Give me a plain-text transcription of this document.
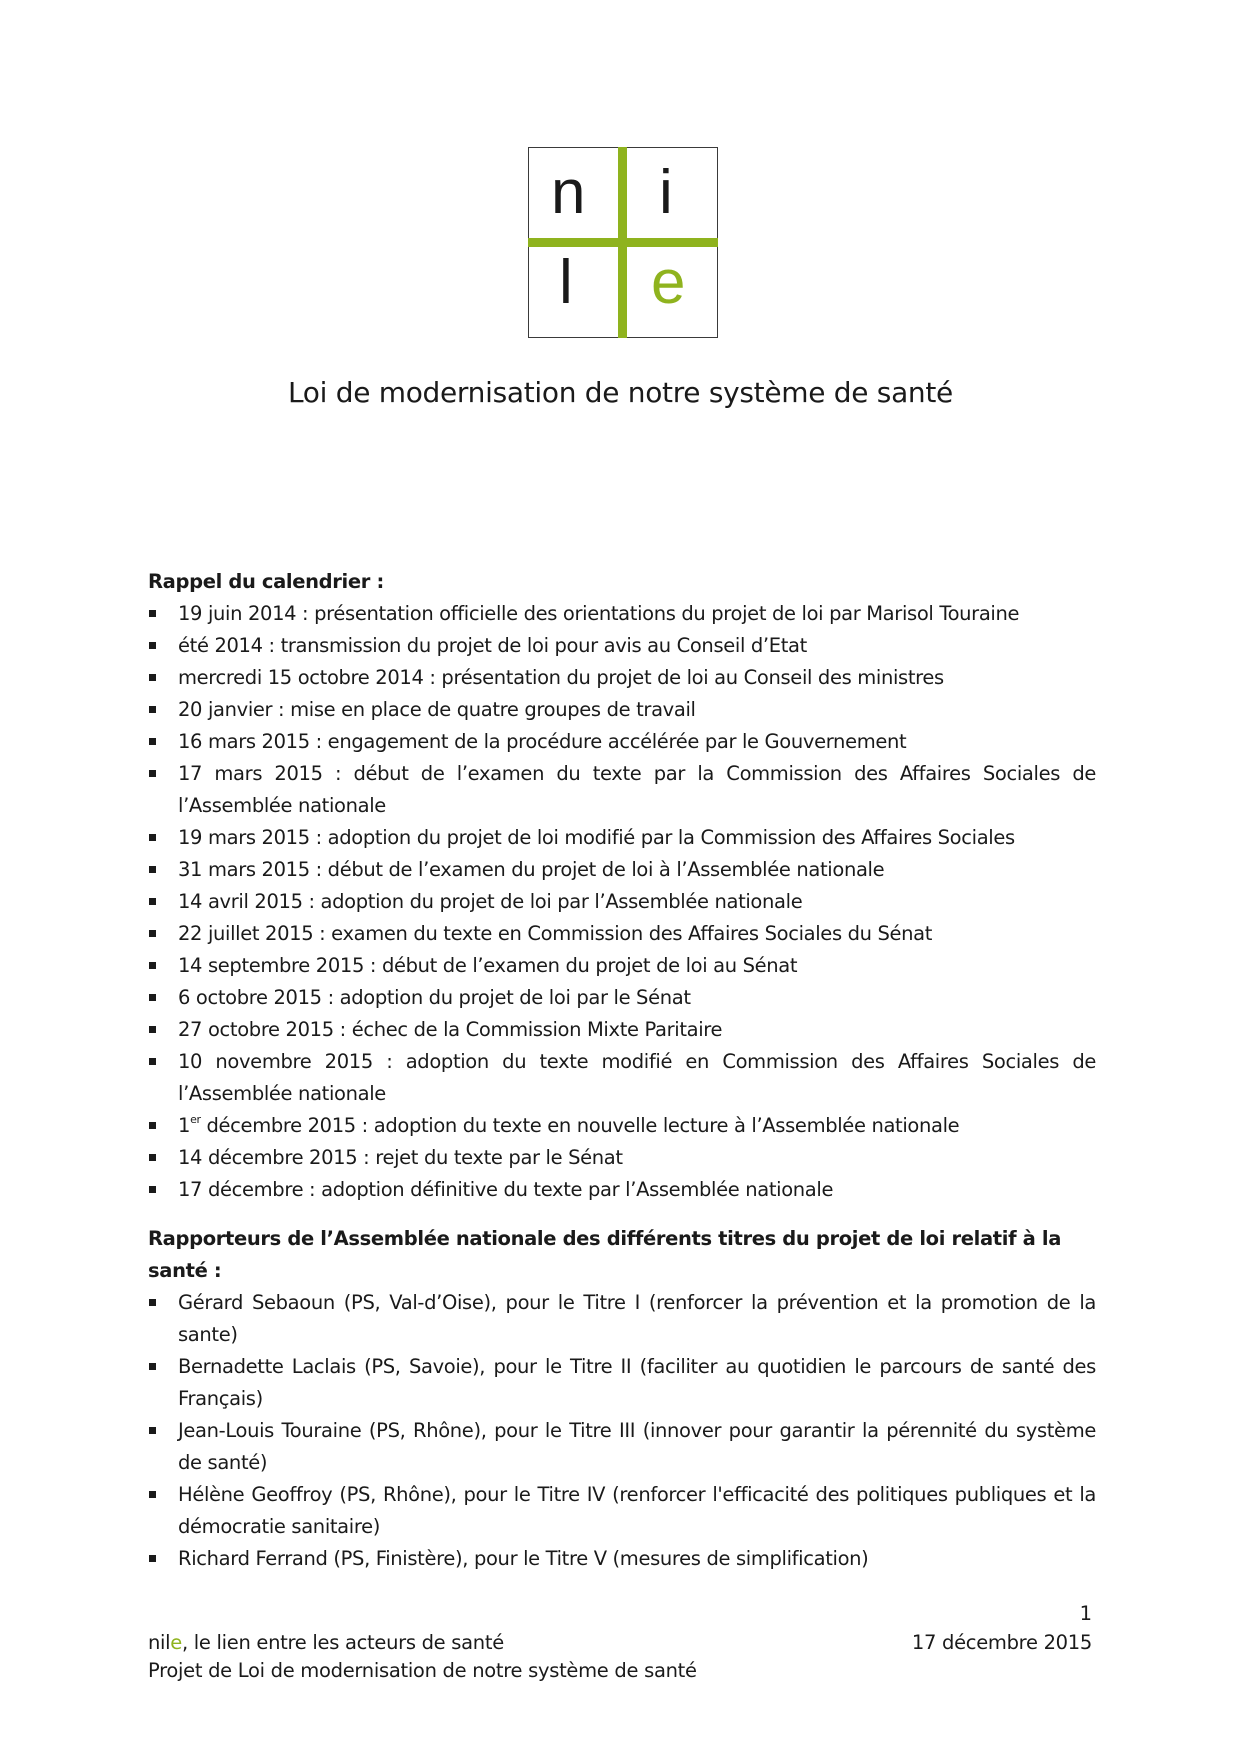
n i
l e
Loi de modernisation de notre système de santé

Rappel du calendrier :

19 juin 2014 : présentation officielle des orientations du projet de loi par Marisol Touraine
été 2014 : transmission du projet de loi pour avis au Conseil d’Etat
mercredi 15 octobre 2014 : présentation du projet de loi au Conseil des ministres
20 janvier : mise en place de quatre groupes de travail
16 mars 2015 : engagement de la procédure accélérée par le Gouvernement
17 mars 2015 : début de l’examen du texte par la Commission des Affaires Sociales de l’Assemblée nationale
19 mars 2015 : adoption du projet de loi modifié par la Commission des Affaires Sociales
31 mars 2015 : début de l’examen du projet de loi à l’Assemblée nationale
14 avril 2015 : adoption du projet de loi par l’Assemblée nationale
22 juillet 2015 : examen du texte en Commission des Affaires Sociales du Sénat
14 septembre 2015 : début de l’examen du projet de loi au Sénat
6 octobre 2015 : adoption du projet de loi par le Sénat
27 octobre 2015 : échec de la Commission Mixte Paritaire
10 novembre 2015 : adoption du texte modifié en Commission des Affaires Sociales de l’Assemblée nationale
1er décembre 2015 : adoption du texte en nouvelle lecture à l’Assemblée nationale
14 décembre 2015 : rejet du texte par le Sénat
17 décembre : adoption définitive du texte par l’Assemblée nationale

Rapporteurs de l’Assemblée nationale des différents titres du projet de loi relatif à la santé :

Gérard Sebaoun (PS, Val-d’Oise), pour le Titre I (renforcer la prévention et la promotion de la sante)
Bernadette Laclais (PS, Savoie), pour le Titre II (faciliter au quotidien le parcours de santé des Français)
Jean-Louis Touraine (PS, Rhône), pour le Titre III (innover pour garantir la pérennité du système de santé)
Hélène Geoffroy (PS, Rhône), pour le Titre IV (renforcer l'efficacité des politiques publiques et la démocratie sanitaire)
Richard Ferrand (PS, Finistère), pour le Titre V (mesures de simplification)
1
nile, le lien entre les acteurs de santé	17 décembre 2015
Projet de Loi de modernisation de notre système de santé
